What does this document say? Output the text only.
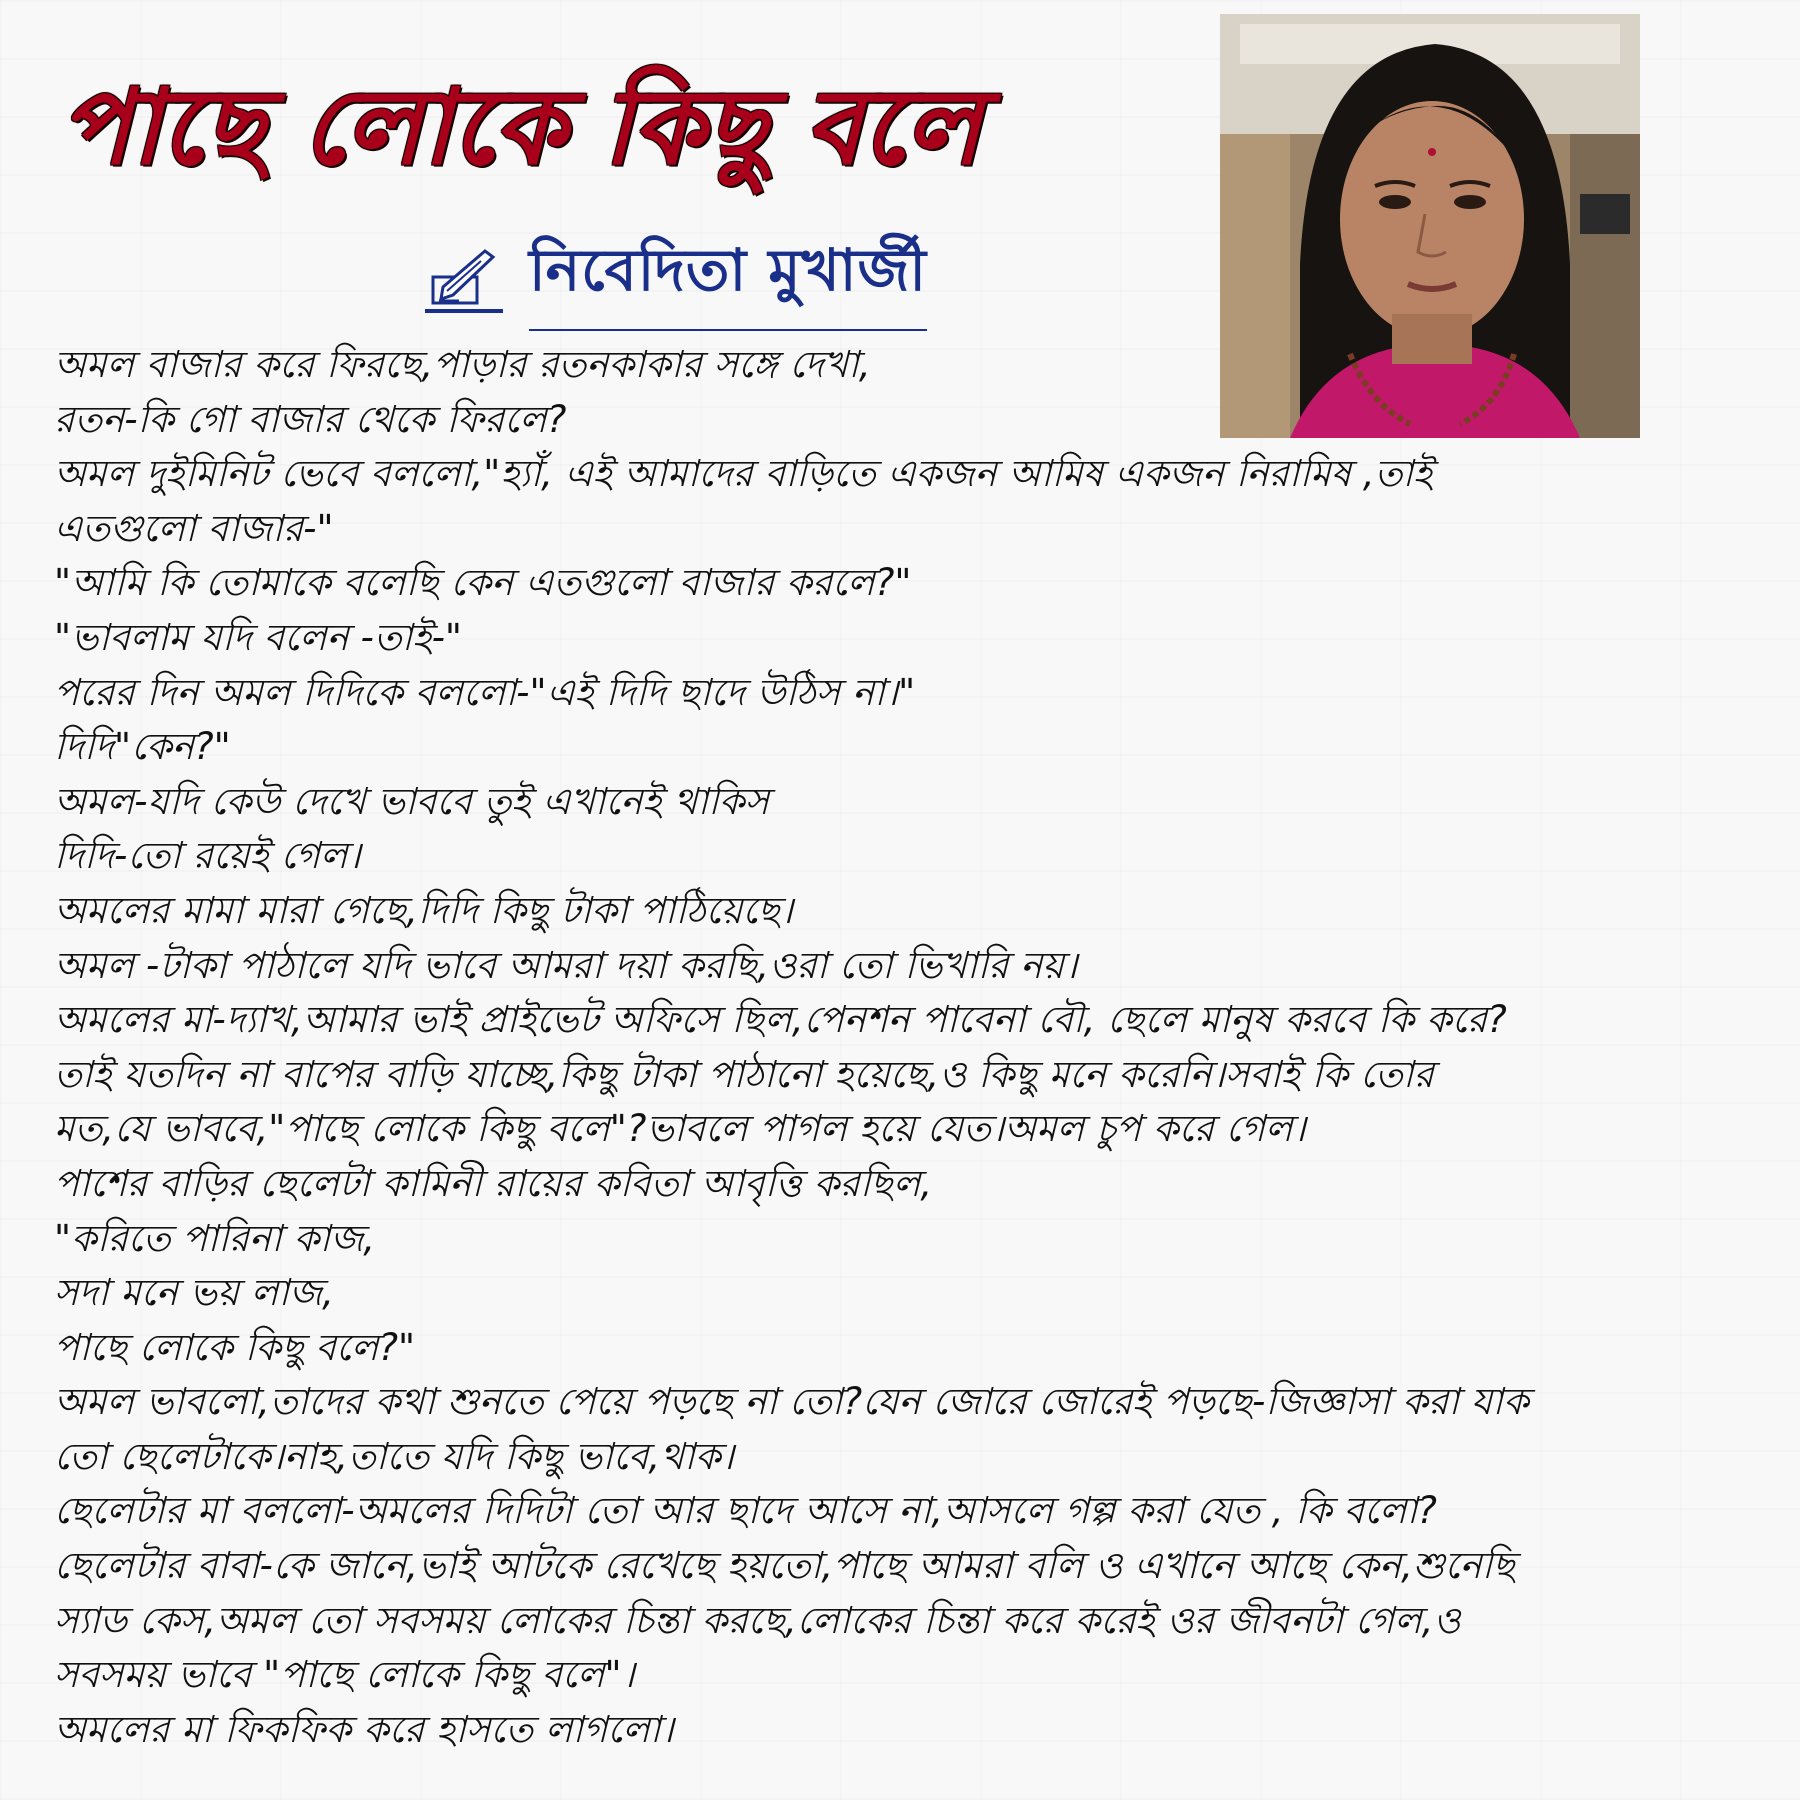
পাছে লোকে কিছু বলে
নিবেদিতা মুখার্জী
অমল বাজার করে ফিরছে,পাড়ার রতনকাকার সঙ্গে দেখা,
রতন-কি গো বাজার থেকে ফিরলে?
অমল দুইমিনিট ভেবে বললো,"হ্যাঁ, এই আমাদের বাড়িতে একজন আমিষ একজন নিরামিষ ,তাই
এতগুলো বাজার-"
"আমি কি তোমাকে বলেছি কেন এতগুলো বাজার করলে?"
"ভাবলাম যদি বলেন -তাই-"
পরের দিন অমল দিদিকে বললো-"এই দিদি ছাদে উঠিস না।"
দিদি"কেন?"
অমল-যদি কেউ দেখে ভাববে তুই এখানেই থাকিস
দিদি-তো রয়েই গেল।
অমলের মামা মারা গেছে,দিদি কিছু টাকা পাঠিয়েছে।
অমল -টাকা পাঠালে যদি ভাবে আমরা দয়া করছি,ওরা তো ভিখারি নয়।
অমলের মা-দ্যাখ,আমার ভাই প্রাইভেট অফিসে ছিল,পেনশন পাবেনা বৌ, ছেলে মানুষ করবে কি করে?
তাই যতদিন না বাপের বাড়ি যাচ্ছে,কিছু টাকা পাঠানো হয়েছে,ও কিছু মনে করেনি।সবাই কি তোর
মত,যে ভাববে,"পাছে লোকে কিছু বলে"?ভাবলে পাগল হয়ে যেত।অমল চুপ করে গেল।
পাশের বাড়ির ছেলেটা কামিনী রায়ের কবিতা আবৃত্তি করছিল,
"করিতে পারিনা কাজ,
সদা মনে ভয় লাজ,
পাছে লোকে কিছু বলে?"
অমল ভাবলো,তাদের কথা শুনতে পেয়ে পড়ছে না তো?যেন জোরে জোরেই পড়ছে-জিজ্ঞাসা করা যাক
তো ছেলেটাকে।নাহ,তাতে যদি কিছু ভাবে,থাক।
ছেলেটার মা বললো-অমলের দিদিটা তো আর ছাদে আসে না,আসলে গল্প করা যেত , কি বলো?
ছেলেটার বাবা-কে জানে,ভাই আটকে রেখেছে হয়তো,পাছে আমরা বলি ও এখানে আছে কেন,শুনেছি
স্যাড কেস,অমল তো সবসময় লোকের চিন্তা করছে,লোকের চিন্তা করে করেই ওর জীবনটা গেল,ও
সবসময় ভাবে "পাছে লোকে কিছু বলে"।
অমলের মা ফিকফিক করে হাসতে লাগলো।
